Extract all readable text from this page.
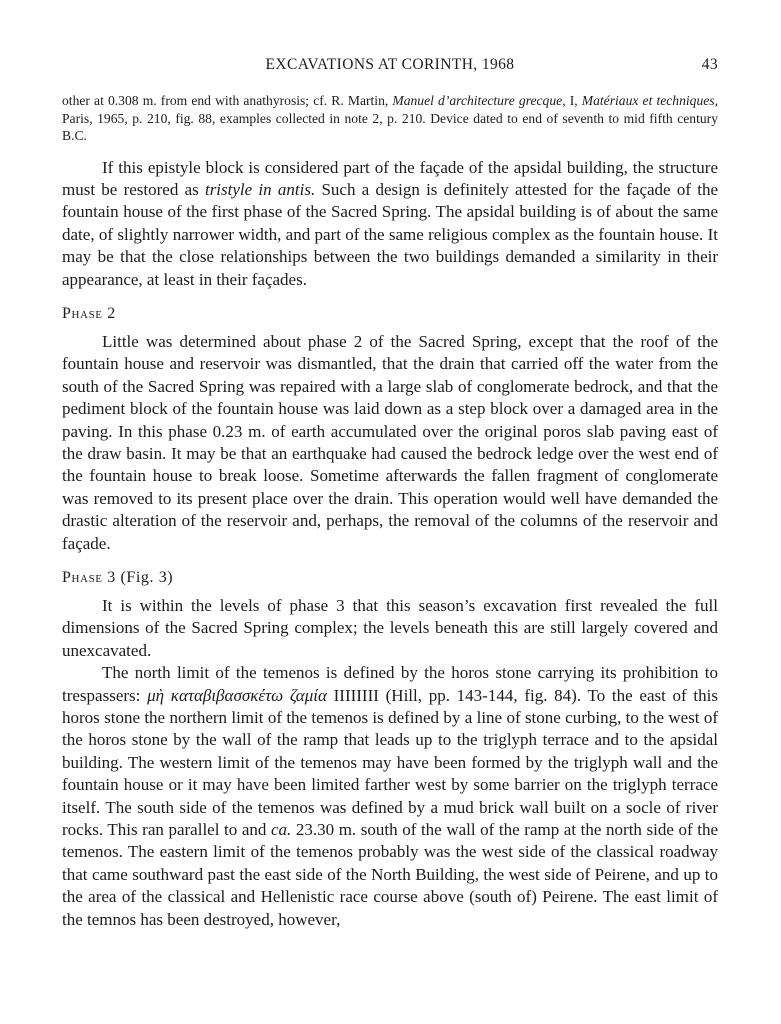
EXCAVATIONS AT CORINTH, 1968	43
other at 0.308 m. from end with anathyrosis; cf. R. Martin, Manuel d’architecture grecque, I, Matériaux et techniques, Paris, 1965, p. 210, fig. 88, examples collected in note 2, p. 210. Device dated to end of seventh to mid fifth century B.C.

If this epistyle block is considered part of the façade of the apsidal building, the structure must be restored as tristyle in antis. Such a design is definitely attested for the façade of the fountain house of the first phase of the Sacred Spring. The apsidal building is of about the same date, of slightly narrower width, and part of the same religious complex as the fountain house. It may be that the close relationships between the two buildings demanded a similarity in their appearance, at least in their façades.

Phase 2

Little was determined about phase 2 of the Sacred Spring, except that the roof of the fountain house and reservoir was dismantled, that the drain that carried off the water from the south of the Sacred Spring was repaired with a large slab of conglomerate bedrock, and that the pediment block of the fountain house was laid down as a step block over a damaged area in the paving. In this phase 0.23 m. of earth accumulated over the original poros slab paving east of the draw basin. It may be that an earthquake had caused the bedrock ledge over the west end of the fountain house to break loose. Sometime afterwards the fallen fragment of conglomerate was removed to its present place over the drain. This operation would well have demanded the drastic alteration of the reservoir and, perhaps, the removal of the columns of the reservoir and façade.

Phase 3 (Fig. 3)

It is within the levels of phase 3 that this season’s excavation first revealed the full dimensions of the Sacred Spring complex; the levels beneath this are still largely covered and unexcavated.

The north limit of the temenos is defined by the horos stone carrying its prohibition to trespassers: μὴ καταβιβασσκέτω ζαμία IIIIIIII (Hill, pp. 143-144, fig. 84). To the east of this horos stone the northern limit of the temenos is defined by a line of stone curbing, to the west of the horos stone by the wall of the ramp that leads up to the triglyph terrace and to the apsidal building. The western limit of the temenos may have been formed by the triglyph wall and the fountain house or it may have been limited farther west by some barrier on the triglyph terrace itself. The south side of the temenos was defined by a mud brick wall built on a socle of river rocks. This ran parallel to and ca. 23.30 m. south of the wall of the ramp at the north side of the temenos. The eastern limit of the temenos probably was the west side of the classical roadway that came southward past the east side of the North Building, the west side of Peirene, and up to the area of the classical and Hellenistic race course above (south of) Peirene. The east limit of the temnos has been destroyed, however,
